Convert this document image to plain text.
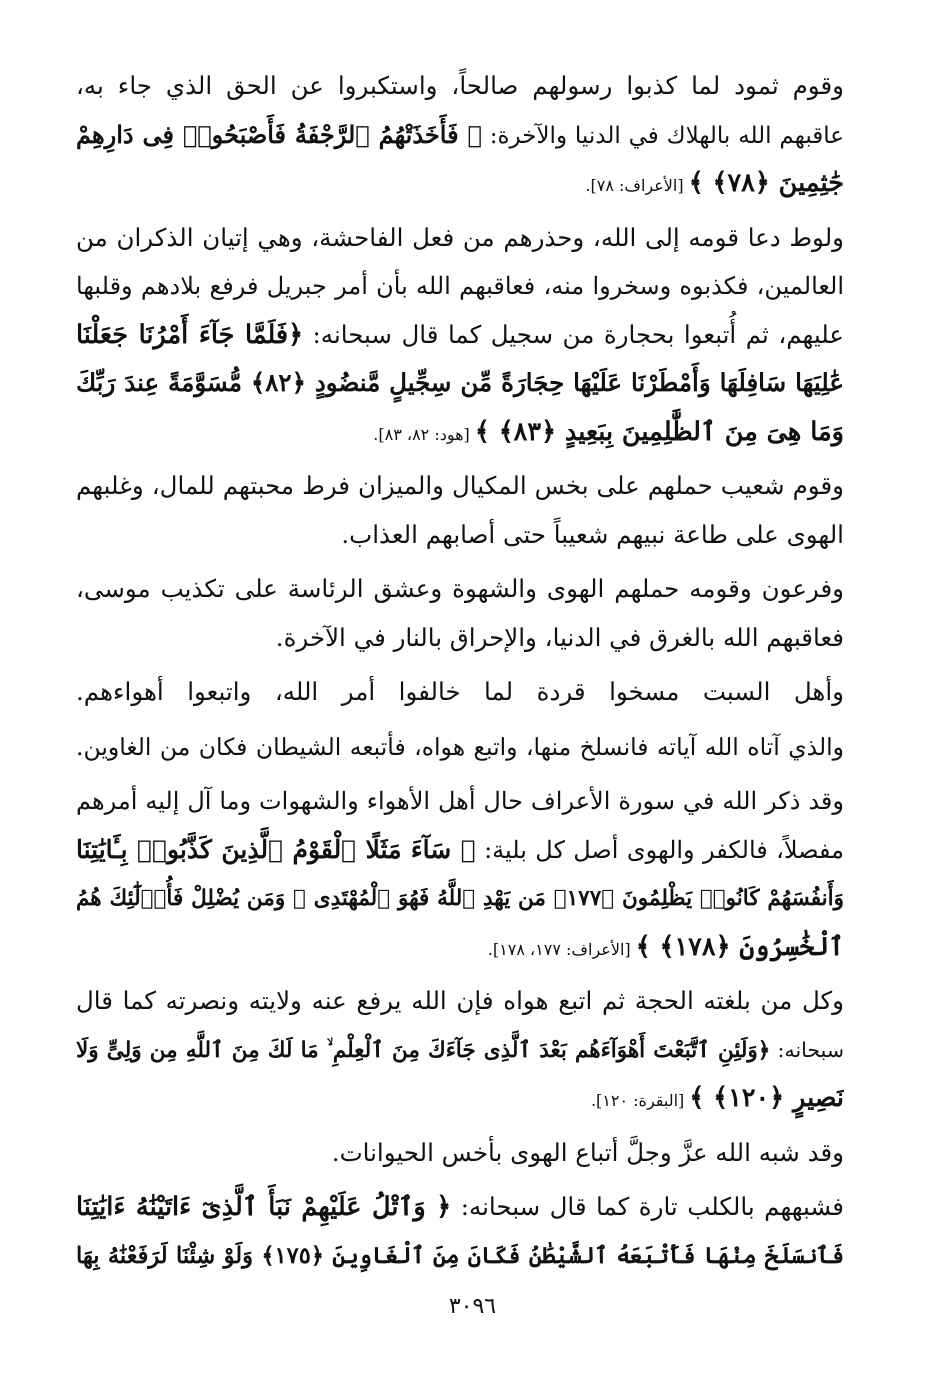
وقوم ثمود لما كذبوا رسولهم صالحاً، واستكبروا عن الحق الذي جاء به،
عاقبهم الله بالهلاك في الدنيا والآخرة: ﴿ فَأَخَذَتْهُمُ ٱلرَّجْفَةُ فَأَصْبَحُوا۟ فِى دَارِهِمْ
جَٰثِمِينَ ﴿٧٨﴾ ﴾ [الأعراف: ٧٨].
ولوط دعا قومه إلى الله، وحذرهم من فعل الفاحشة، وهي إتيان الذكران من
العالمين، فكذبوه وسخروا منه، فعاقبهم الله بأن أمر جبريل فرفع بلادهم وقلبها
عليهم، ثم أُتبعوا بحجارة من سجيل كما قال سبحانه: ﴿فَلَمَّا جَآءَ أَمْرُنَا جَعَلْنَا
عَٰلِيَهَا سَافِلَهَا وَأَمْطَرْنَا عَلَيْهَا حِجَارَةً مِّن سِجِّيلٍ مَّنضُودٍ ﴿٨٢﴾ مُّسَوَّمَةً عِندَ رَبِّكَ
وَمَا هِىَ مِنَ ٱلظَّٰلِمِينَ بِبَعِيدٍ ﴿٨٣﴾ ﴾ [هود: ٨٢، ٨٣].
وقوم شعيب حملهم على بخس المكيال والميزان فرط محبتهم للمال، وغلبهم
الهوى على طاعة نبيهم شعيباً حتى أصابهم العذاب.
وفرعون وقومه حملهم الهوى والشهوة وعشق الرئاسة على تكذيب موسى،
فعاقبهم الله بالغرق في الدنيا، والإحراق بالنار في الآخرة.
وأهل السبت مسخوا قردة لما خالفوا أمر الله، واتبعوا أهواءهم.
والذي آتاه الله آياته فانسلخ منها، واتبع هواه، فأتبعه الشيطان فكان من الغاوين.
وقد ذكر الله في سورة الأعراف حال أهل الأهواء والشهوات وما آل إليه أمرهم
مفصلاً، فالكفر والهوى أصل كل بلية: ﴿ سَآءَ مَثَلًا ٱلْقَوْمُ ٱلَّذِينَ كَذَّبُوا۟ بِـَٔايَٰتِنَا
وَأَنفُسَهُمْ كَانُوا۟ يَظْلِمُونَ ﴿١٧٧﴾ مَن يَهْدِ ٱللَّهُ فَهُوَ ٱلْمُهْتَدِى ۖ وَمَن يُضْلِلْ فَأُو۟لَٰٓئِكَ هُمُ
ٱلْخَٰسِرُونَ ﴿١٧٨﴾ ﴾ [الأعراف: ١٧٧، ١٧٨].
وكل من بلغته الحجة ثم اتبع هواه فإن الله يرفع عنه ولايته ونصرته كما قال
سبحانه: ﴿وَلَئِنِ ٱتَّبَعْتَ أَهْوَآءَهُم بَعْدَ ٱلَّذِى جَآءَكَ مِنَ ٱلْعِلْمِ ۙ مَا لَكَ مِنَ ٱللَّهِ مِن وَلِىٍّ وَلَا
نَصِيرٍ ﴿١٢٠﴾ ﴾ [البقرة: ١٢٠].
وقد شبه الله عزَّ وجلَّ أتباع الهوى بأخس الحيوانات.
فشبههم بالكلب تارة كما قال سبحانه: ﴿ وَٱتْلُ عَلَيْهِمْ نَبَأَ ٱلَّذِىٓ ءَاتَيْنَٰهُ ءَايَٰتِنَا
فَٱنسَلَخَ مِنْهَا فَأَتْبَعَهُ ٱلشَّيْطَٰنُ فَكَانَ مِنَ ٱلْغَاوِينَ ﴿١٧٥﴾ وَلَوْ شِئْنَا لَرَفَعْنَٰهُ بِهَا
٣٠٩٦
